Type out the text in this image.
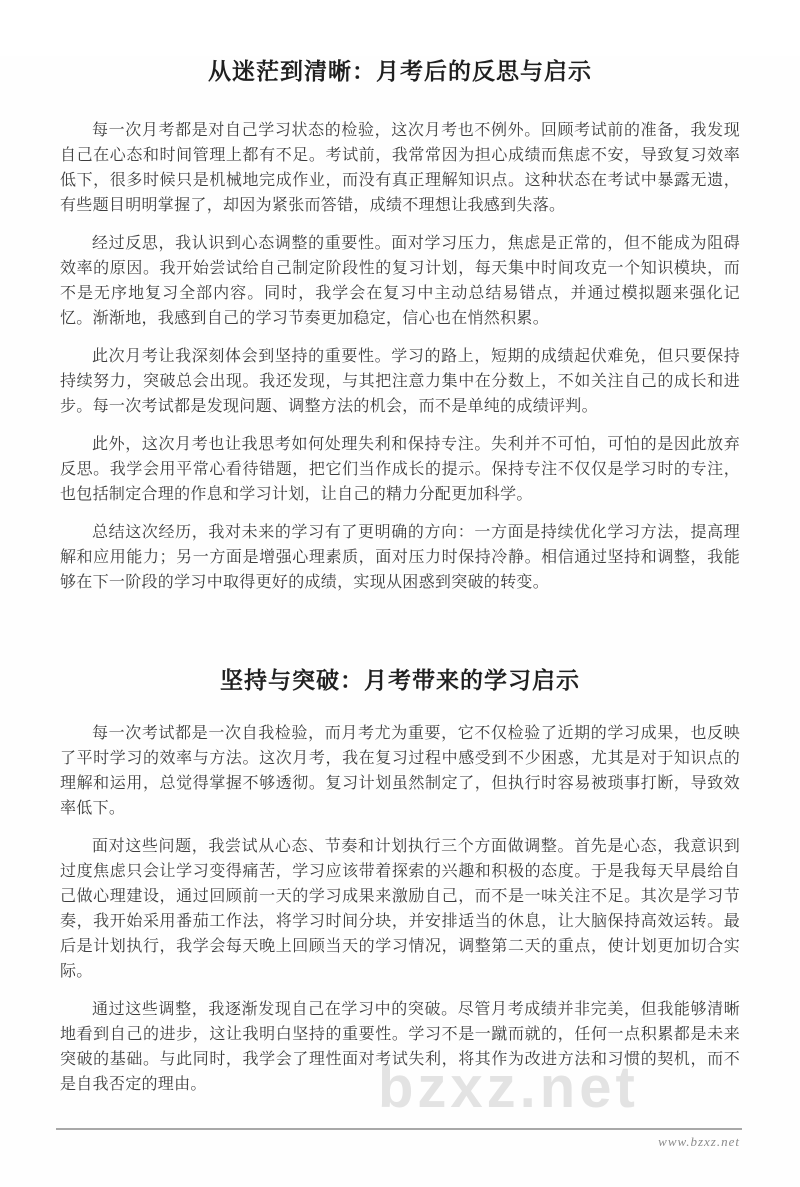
bzxz.net
从迷茫到清晰：月考后的反思与启示

每一次月考都是对自己学习状态的检验，这次月考也不例外。回顾考试前的准备，我发现自己在心态和时间管理上都有不足。考试前，我常常因为担心成绩而焦虑不安，导致复习效率低下，很多时候只是机械地完成作业，而没有真正理解知识点。这种状态在考试中暴露无遗，有些题目明明掌握了，却因为紧张而答错，成绩不理想让我感到失落。

经过反思，我认识到心态调整的重要性。面对学习压力，焦虑是正常的，但不能成为阻碍效率的原因。我开始尝试给自己制定阶段性的复习计划，每天集中时间攻克一个知识模块，而不是无序地复习全部内容。同时，我学会在复习中主动总结易错点，并通过模拟题来强化记忆。渐渐地，我感到自己的学习节奏更加稳定，信心也在悄然积累。

此次月考让我深刻体会到坚持的重要性。学习的路上，短期的成绩起伏难免，但只要保持持续努力，突破总会出现。我还发现，与其把注意力集中在分数上，不如关注自己的成长和进步。每一次考试都是发现问题、调整方法的机会，而不是单纯的成绩评判。

此外，这次月考也让我思考如何处理失利和保持专注。失利并不可怕，可怕的是因此放弃反思。我学会用平常心看待错题，把它们当作成长的提示。保持专注不仅仅是学习时的专注，也包括制定合理的作息和学习计划，让自己的精力分配更加科学。

总结这次经历，我对未来的学习有了更明确的方向：一方面是持续优化学习方法，提高理解和应用能力；另一方面是增强心理素质，面对压力时保持冷静。相信通过坚持和调整，我能够在下一阶段的学习中取得更好的成绩，实现从困惑到突破的转变。

坚持与突破：月考带来的学习启示

每一次考试都是一次自我检验，而月考尤为重要，它不仅检验了近期的学习成果，也反映了平时学习的效率与方法。这次月考，我在复习过程中感受到不少困惑，尤其是对于知识点的理解和运用，总觉得掌握不够透彻。复习计划虽然制定了，但执行时容易被琐事打断，导致效率低下。

面对这些问题，我尝试从心态、节奏和计划执行三个方面做调整。首先是心态，我意识到过度焦虑只会让学习变得痛苦，学习应该带着探索的兴趣和积极的态度。于是我每天早晨给自己做心理建设，通过回顾前一天的学习成果来激励自己，而不是一味关注不足。其次是学习节奏，我开始采用番茄工作法，将学习时间分块，并安排适当的休息，让大脑保持高效运转。最后是计划执行，我学会每天晚上回顾当天的学习情况，调整第二天的重点，使计划更加切合实际。

通过这些调整，我逐渐发现自己在学习中的突破。尽管月考成绩并非完美，但我能够清晰地看到自己的进步，这让我明白坚持的重要性。学习不是一蹴而就的，任何一点积累都是未来突破的基础。与此同时，我学会了理性面对考试失利，将其作为改进方法和习惯的契机，而不是自我否定的理由。

www.bzxz.net
